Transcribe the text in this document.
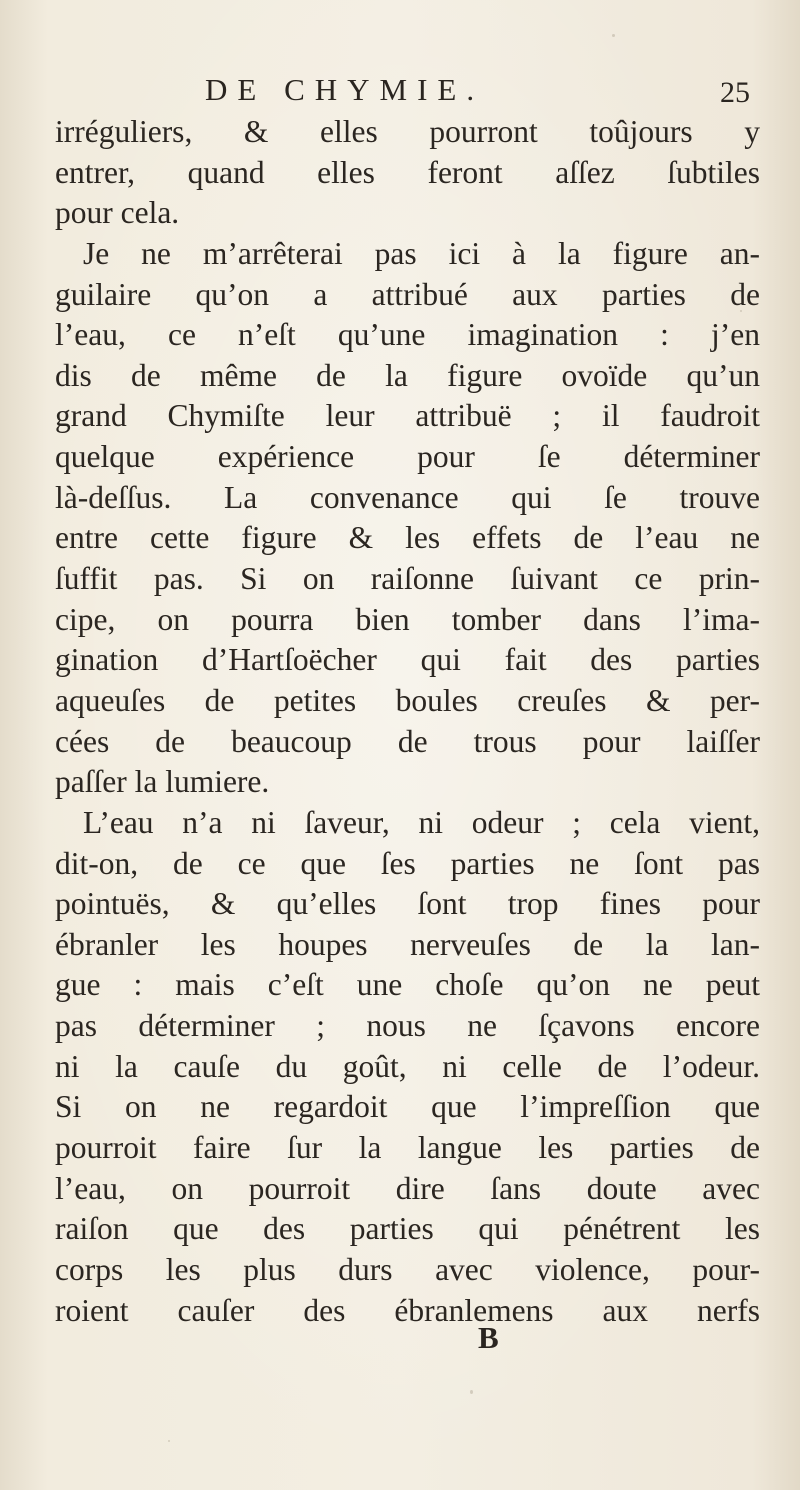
DE CHYMIE.	25
irréguliers, & elles pourront toûjours y
entrer, quand elles feront aſſez ſubtiles
pour cela.
Je ne m’arrêterai pas ici à la figure an-
guilaire qu’on a attribué aux parties de
l’eau, ce n’eſt qu’une imagination : j’en
dis de même de la figure ovoïde qu’un
grand Chymiſte leur attribuë ; il faudroit
quelque expérience pour ſe déterminer
là-deſſus. La convenance qui ſe trouve
entre cette figure & les effets de l’eau ne
ſuffit pas. Si on raiſonne ſuivant ce prin-
cipe, on pourra bien tomber dans l’ima-
gination d’Hartſoëcher qui fait des parties
aqueuſes de petites boules creuſes & per-
cées de beaucoup de trous pour laiſſer
paſſer la lumiere.
L’eau n’a ni ſaveur, ni odeur ; cela vient,
dit-on, de ce que ſes parties ne ſont pas
pointuës, & qu’elles ſont trop fines pour
ébranler les houpes nerveuſes de la lan-
gue : mais c’eſt une choſe qu’on ne peut
pas déterminer ; nous ne ſçavons encore
ni la cauſe du goût, ni celle de l’odeur.
Si on ne regardoit que l’impreſſion que
pourroit faire ſur la langue les parties de
l’eau, on pourroit dire ſans doute avec
raiſon que des parties qui pénétrent les
corps les plus durs avec violence, pour-
roient cauſer des ébranlemens aux nerfs
B
